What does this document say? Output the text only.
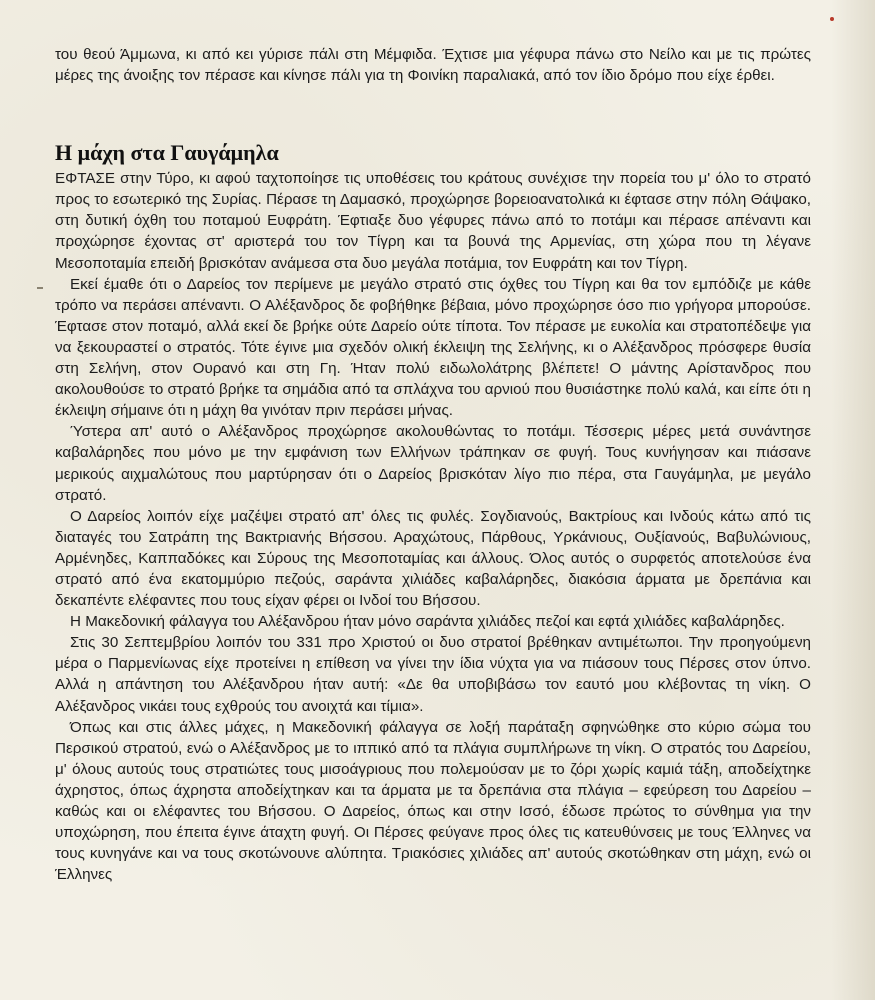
του θεού Άμμωνα, κι από κει γύρισε πάλι στη Μέμφιδα. Έχτισε μια γέφυρα πάνω στο Νείλο και με τις πρώτες μέρες της άνοιξης τον πέρασε και κίνησε πάλι για τη Φοινίκη παραλιακά, από τον ίδιο δρόμο που είχε έρθει.

Η μάχη στα Γαυγάμηλα

ΕΦΤΑΣΕ στην Τύρο, κι αφού ταχτοποίησε τις υποθέσεις του κράτους συνέχισε την πορεία του μ' όλο το στρατό προς το εσωτερικό της Συρίας. Πέρασε τη Δαμασκό, προχώρησε βορειοανατολικά κι έφτασε στην πόλη Θάψακο, στη δυτική όχθη του ποταμού Ευφράτη. Έφτιαξε δυο γέφυρες πάνω από το ποτάμι και πέρασε απέναντι και προχώρησε έχοντας στ' αριστερά του τον Τίγρη και τα βουνά της Αρμενίας, στη χώρα που τη λέγανε Μεσοποταμία επειδή βρισκόταν ανάμεσα στα δυο μεγάλα ποτάμια, τον Ευφράτη και τον Τίγρη.

Εκεί έμαθε ότι ο Δαρείος τον περίμενε με μεγάλο στρατό στις όχθες του Τίγρη και θα τον εμπόδιζε με κάθε τρόπο να περάσει απέναντι. Ο Αλέξανδρος δε φοβήθηκε βέβαια, μόνο προχώρησε όσο πιο γρήγορα μπορούσε. Έφτασε στον ποταμό, αλλά εκεί δε βρήκε ούτε Δαρείο ούτε τίποτα. Τον πέρασε με ευκολία και στρατοπέδεψε για να ξεκουραστεί ο στρατός. Τότε έγινε μια σχεδόν ολική έκλειψη της Σελήνης, κι ο Αλέξανδρος πρόσφερε θυσία στη Σελήνη, στον Ουρανό και στη Γη. Ήταν πολύ ειδωλολάτρης βλέπετε! Ο μάντης Αρίστανδρος που ακολουθούσε το στρατό βρήκε τα σημάδια από τα σπλάχνα του αρνιού που θυσιάστηκε πολύ καλά, και είπε ότι η έκλειψη σήμαινε ότι η μάχη θα γινόταν πριν περάσει μήνας.

Ύστερα απ' αυτό ο Αλέξανδρος προχώρησε ακολουθώντας το ποτάμι. Τέσσερις μέρες μετά συνάντησε καβαλάρηδες που μόνο με την εμφάνιση των Ελλήνων τράπηκαν σε φυγή. Τους κυνήγησαν και πιάσανε μερικούς αιχμαλώτους που μαρτύρησαν ότι ο Δαρείος βρισκόταν λίγο πιο πέρα, στα Γαυγάμηλα, με μεγάλο στρατό.

Ο Δαρείος λοιπόν είχε μαζέψει στρατό απ' όλες τις φυλές. Σογδιανούς, Βακτρίους και Ινδούς κάτω από τις διαταγές του Σατράπη της Βακτριανής Βήσσου. Αραχώτους, Πάρθους, Υρκάνιους, Ουξίανούς, Βαβυλώνιους, Αρμένηδες, Καππαδόκες και Σύρους της Μεσοποταμίας και άλλους. Όλος αυτός ο συρφετός αποτελούσε ένα στρατό από ένα εκατομμύριο πεζούς, σαράντα χιλιάδες καβαλάρηδες, διακόσια άρματα με δρεπάνια και δεκαπέντε ελέφαντες που τους είχαν φέρει οι Ινδοί του Βήσσου.

Η Μακεδονική φάλαγγα του Αλέξανδρου ήταν μόνο σαράντα χιλιάδες πεζοί και εφτά χιλιάδες καβαλάρηδες.

Στις 30 Σεπτεμβρίου λοιπόν του 331 προ Χριστού οι δυο στρατοί βρέθηκαν αντιμέτωποι. Την προηγούμενη μέρα ο Παρμενίωνας είχε προτείνει η επίθεση να γίνει την ίδια νύχτα για να πιάσουν τους Πέρσες στον ύπνο. Αλλά η απάντηση του Αλέξανδρου ήταν αυτή: «Δε θα υποβιβάσω τον εαυτό μου κλέβοντας τη νίκη. Ο Αλέξανδρος νικάει τους εχθρούς του ανοιχτά και τίμια».

Όπως και στις άλλες μάχες, η Μακεδονική φάλαγγα σε λοξή παράταξη σφηνώθηκε στο κύριο σώμα του Περσικού στρατού, ενώ ο Αλέξανδρος με το ιππικό από τα πλάγια συμπλήρωνε τη νίκη. Ο στρατός του Δαρείου, μ' όλους αυτούς τους στρατιώτες τους μισοάγριους που πολεμούσαν με το ζόρι χωρίς καμιά τάξη, αποδείχτηκε άχρηστος, όπως άχρηστα αποδείχτηκαν και τα άρματα με τα δρεπάνια στα πλάγια – εφεύρεση του Δαρείου – καθώς και οι ελέφαντες του Βήσσου. Ο Δαρείος, όπως και στην Ισσό, έδωσε πρώτος το σύνθημα για την υποχώρηση, που έπειτα έγινε άταχτη φυγή. Οι Πέρσες φεύγανε προς όλες τις κατευθύνσεις με τους Έλληνες να τους κυνηγάνε και να τους σκοτώνουνε αλύπητα. Τριακόσιες χιλιάδες απ' αυτούς σκοτώθηκαν στη μάχη, ενώ οι Έλληνες
